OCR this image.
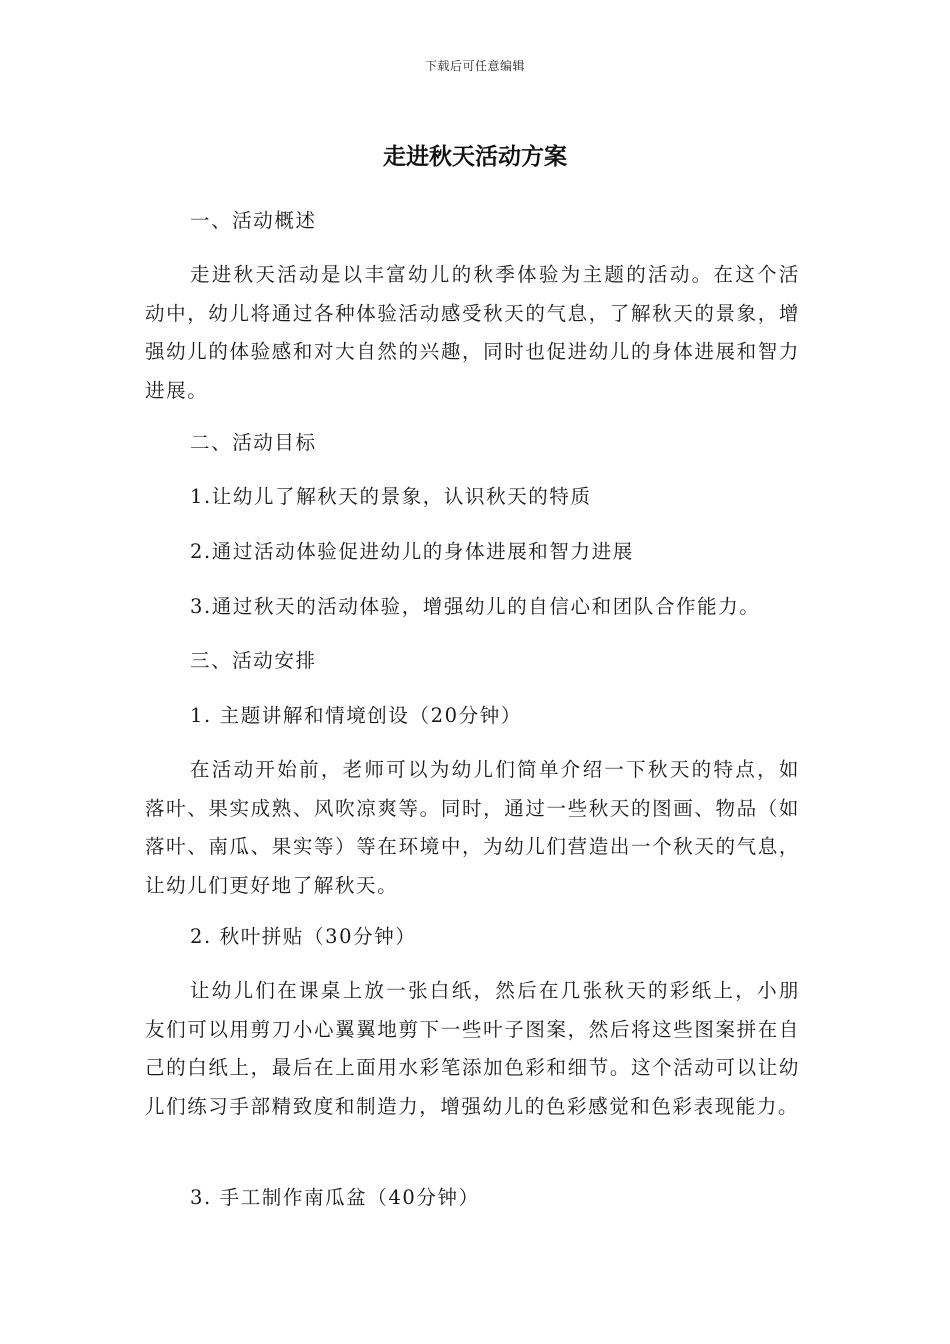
下载后可任意编辑
走进秋天活动方案
一、活动概述

走进秋天活动是以丰富幼儿的秋季体验为主题的活动。在这个活动中，幼儿将通过各种体验活动感受秋天的气息，了解秋天的景象，增强幼儿的体验感和对大自然的兴趣，同时也促进幼儿的身体进展和智力进展。

二、活动目标
1.让幼儿了解秋天的景象，认识秋天的特质
2.通过活动体验促进幼儿的身体进展和智力进展
3.通过秋天的活动体验，增强幼儿的自信心和团队合作能力。
三、活动安排
1. 主题讲解和情境创设（20分钟）

在活动开始前，老师可以为幼儿们简单介绍一下秋天的特点，如落叶、果实成熟、风吹凉爽等。同时，通过一些秋天的图画、物品（如落叶、南瓜、果实等）等在环境中，为幼儿们营造出一个秋天的气息，让幼儿们更好地了解秋天。

2. 秋叶拼贴（30分钟）

让幼儿们在课桌上放一张白纸，然后在几张秋天的彩纸上，小朋友们可以用剪刀小心翼翼地剪下一些叶子图案，然后将这些图案拼在自己的白纸上，最后在上面用水彩笔添加色彩和细节。这个活动可以让幼儿们练习手部精致度和制造力，增强幼儿的色彩感觉和色彩表现能力。

3. 手工制作南瓜盆（40分钟）
